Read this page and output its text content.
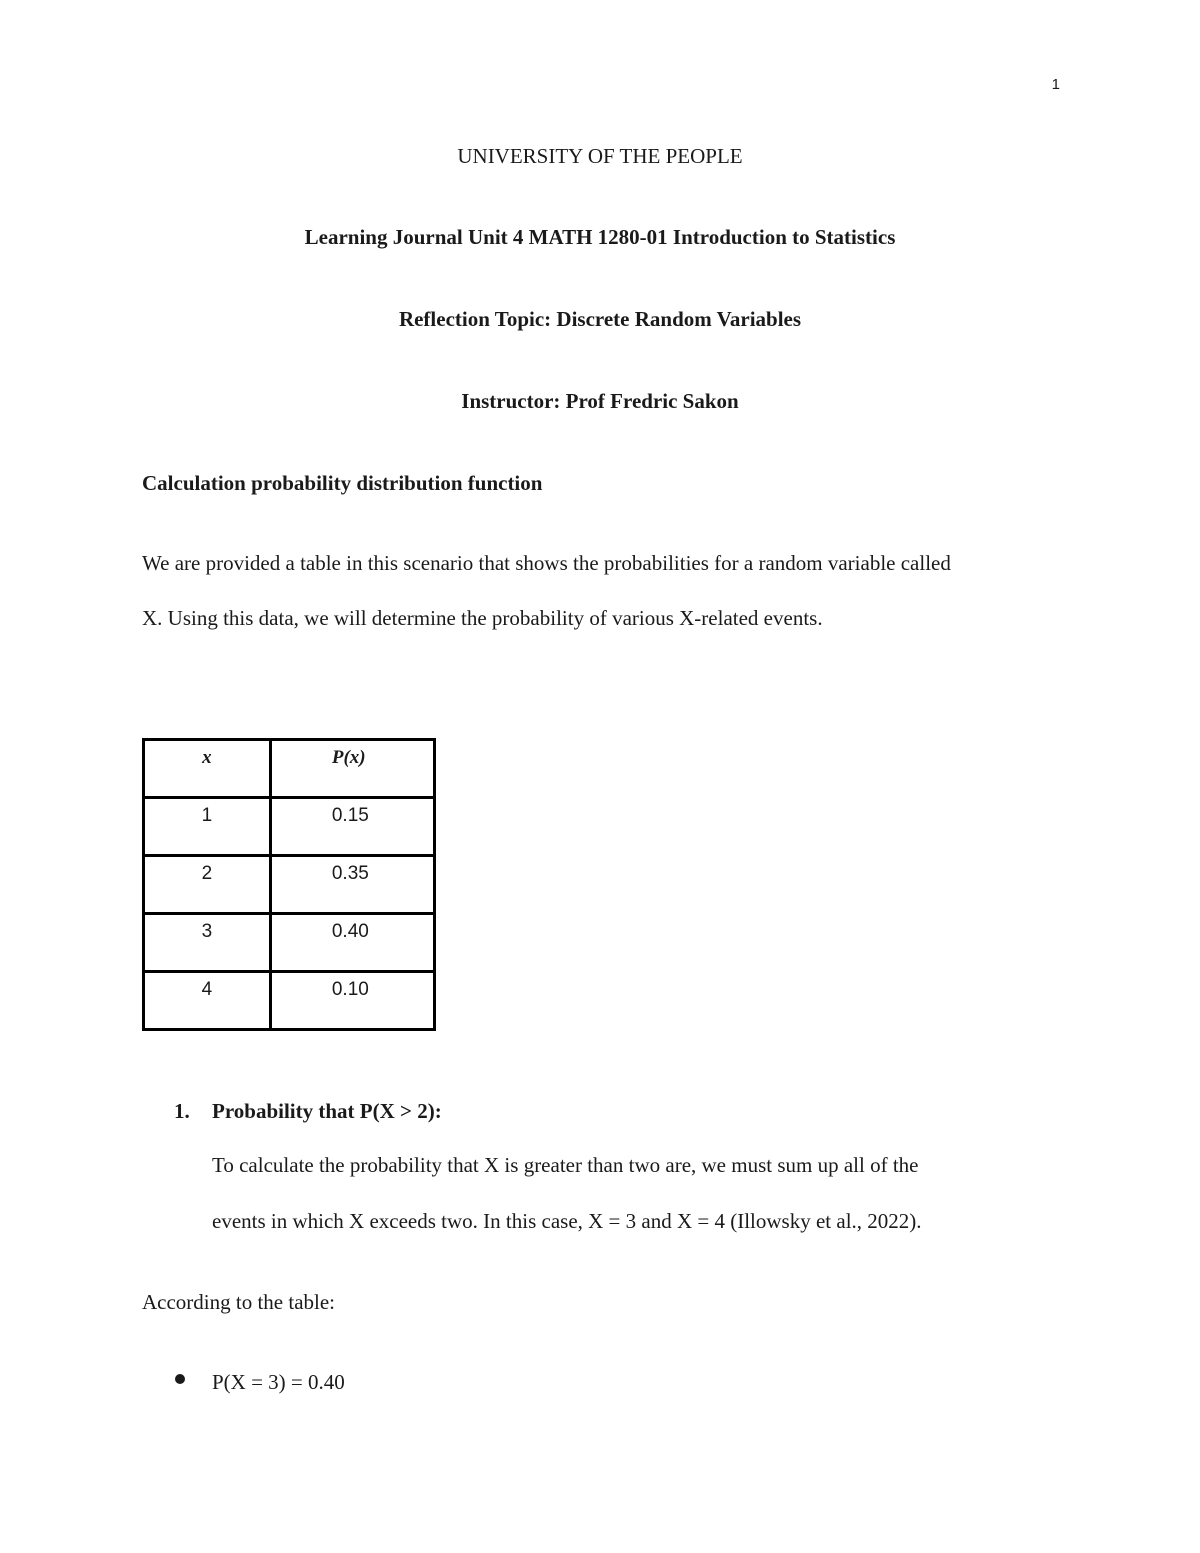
1
UNIVERSITY OF THE PEOPLE
Learning Journal Unit 4 MATH 1280-01 Introduction to Statistics
Reflection Topic: Discrete Random Variables
Instructor: Prof Fredric Sakon
Calculation probability distribution function
We are provided a table in this scenario that shows the probabilities for a random variable called
X. Using this data, we will determine the probability of various X-related events.
x	P(x)
1	0.15
2	0.35
3	0.40
4	0.10
1. Probability that P(X > 2):
To calculate the probability that X is greater than two are, we must sum up all of the
events in which X exceeds two. In this case, X = 3 and X = 4 (Illowsky et al., 2022).
According to the table:
P(X = 3) = 0.40
